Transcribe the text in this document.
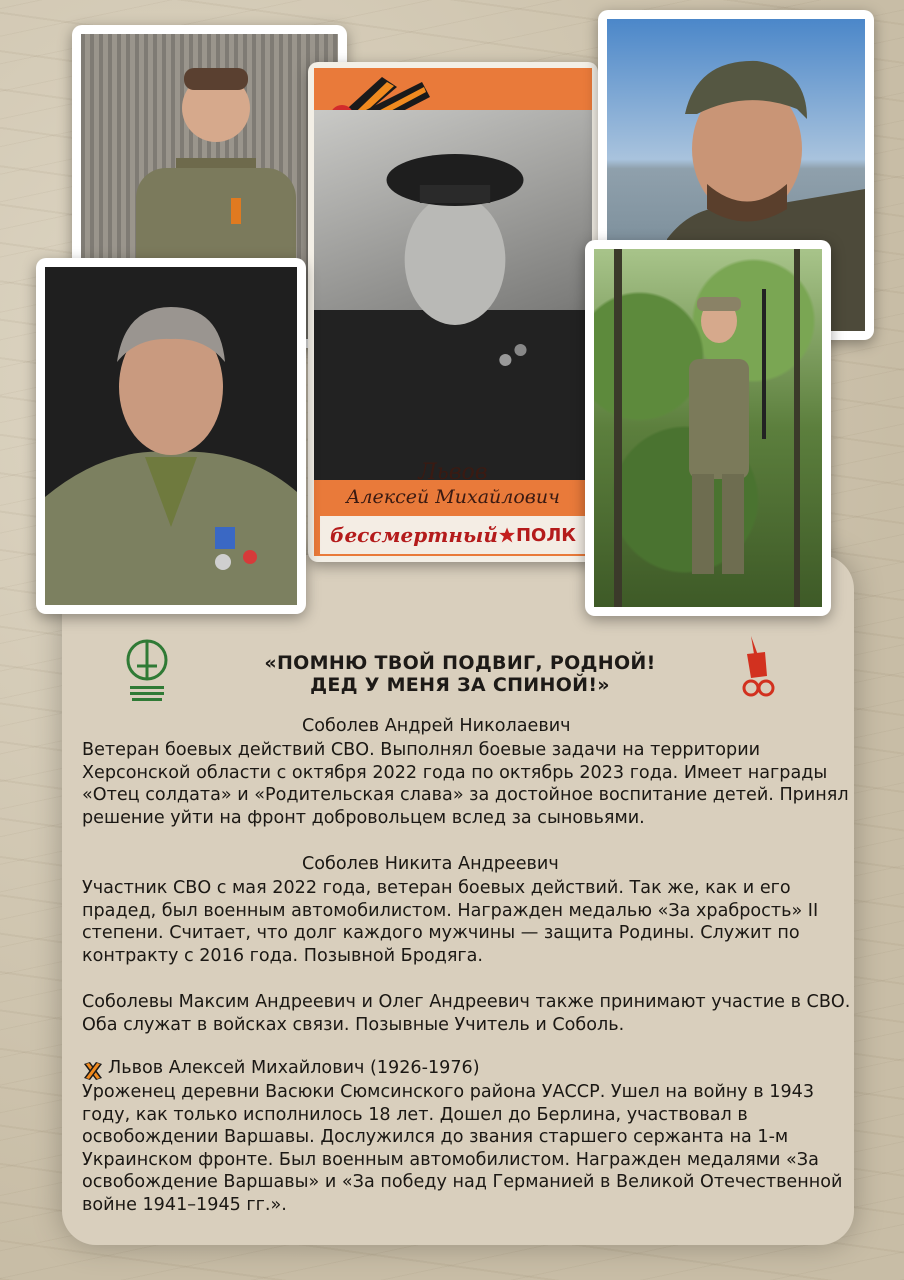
Львов
Алексей Михайлович
бессмертный ПОЛК
«ПОМНЮ ТВОЙ ПОДВИГ, РОДНОЙ!
ДЕД У МЕНЯ ЗА СПИНОЙ!»
Соболев Андрей Николаевич

Ветеран боевых действий СВО. Выполнял боевые задачи на территории Херсонской области с октября 2022 года по октябрь 2023 года. Имеет награды «Отец солдата» и «Родительская слава» за достойное воспитание детей. Принял решение уйти на фронт добровольцем вслед за сыновьями.

Соболев Никита Андреевич

Участник СВО с мая 2022 года, ветеран боевых действий. Так же, как и его прадед, был военным автомобилистом. Награжден медалью «За храбрость» II степени. Считает, что долг каждого мужчины — защита Родины. Служит по контракту с 2016 года. Позывной Бродяга.

Соболевы Максим Андреевич и Олег Андреевич также принимают участие в СВО. Оба служат в войсках связи. Позывные Учитель и Соболь.

Львов Алексей Михайлович (1926-1976)

Уроженец деревни Васюки Сюмсинского района УАССР. Ушел на войну в 1943 году, как только исполнилось 18 лет. Дошел до Берлина, участвовал в освобождении Варшавы. Дослужился до звания старшего сержанта на 1-м Украинском фронте. Был военным автомобилистом. Награжден медалями «За освобождение Варшавы» и «За победу над Германией в Великой Отечественной войне 1941–1945 гг.».
